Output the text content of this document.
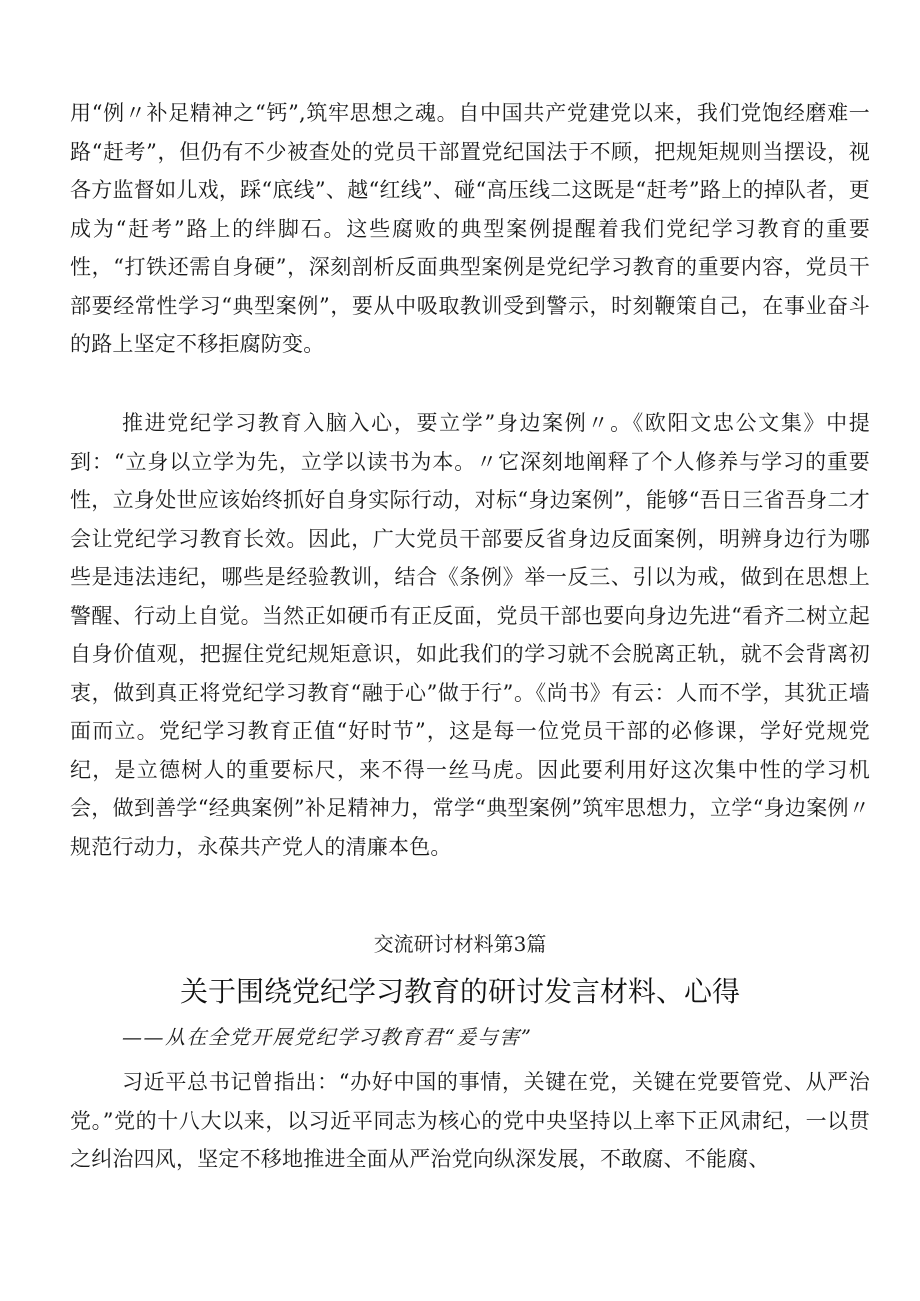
用“例〃补足精神之“钙”,筑牢思想之魂。自中国共产党建党以来，我们党饱经磨难一路“赶考”，但仍有不少被查处的党员干部置党纪国法于不顾，把规矩规则当摆设，视各方监督如儿戏，踩“底线”、越“红线”、碰“高压线二这既是“赶考”路上的掉队者，更成为“赶考”路上的绊脚石。这些腐败的典型案例提醒着我们党纪学习教育的重要性，“打铁还需自身硬”，深刻剖析反面典型案例是党纪学习教育的重要内容，党员干部要经常性学习“典型案例”，要从中吸取教训受到警示，时刻鞭策自己，在事业奋斗的路上坚定不移拒腐防变。

推进党纪学习教育入脑入心，要立学”身边案例〃。《欧阳文忠公文集》中提到：“立身以立学为先，立学以读书为本。〃它深刻地阐释了个人修养与学习的重要性，立身处世应该始终抓好自身实际行动，对标“身边案例”，能够“吾日三省吾身二才会让党纪学习教育长效。因此，广大党员干部要反省身边反面案例，明辨身边行为哪些是违法违纪，哪些是经验教训，结合《条例》举一反三、引以为戒，做到在思想上警醒、行动上自觉。当然正如硬币有正反面，党员干部也要向身边先进“看齐二树立起自身价值观，把握住党纪规矩意识，如此我们的学习就不会脱离正轨，就不会背离初衷，做到真正将党纪学习教育“融于心”做于行”。《尚书》有云：人而不学，其犹正墙面而立。党纪学习教育正值“好时节”，这是每一位党员干部的必修课，学好党规党纪，是立德树人的重要标尺，来不得一丝马虎。因此要利用好这次集中性的学习机会，做到善学“经典案例”补足精神力，常学“典型案例”筑牢思想力，立学“身边案例〃规范行动力，永葆共产党人的清廉本色。

交流研讨材料第3篇

关于围绕党纪学习教育的研讨发言材料、心得

——从在全党开展党纪学习教育君“爰与害”

习近平总书记曾指出：“办好中国的事情，关键在党，关键在党要管党、从严治党。”党的十八大以来，以习近平同志为核心的党中央坚持以上率下正风肃纪，一以贯之纠治四风，坚定不移地推进全面从严治党向纵深发展，不敢腐、不能腐、
